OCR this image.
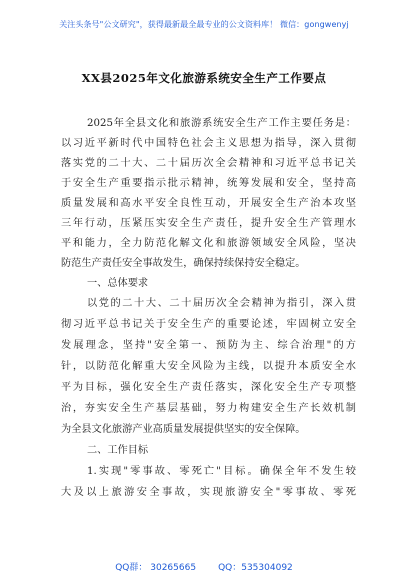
关注头条号"公文研究"，获得最新最全最专业的公文资料库！ 微信：gongwenyj
XX县2025年文化旅游系统安全生产工作要点
2025年全县文化和旅游系统安全生产工作主要任务是：
以习近平新时代中国特色社会主义思想为指导，深入贯彻
落实党的二十大、二十届历次全会精神和习近平总书记关
于安全生产重要指示批示精神，统筹发展和安全，坚持高
质量发展和高水平安全良性互动，开展安全生产治本攻坚
三年行动，压紧压实安全生产责任，提升安全生产管理水
平和能力，全力防范化解文化和旅游领域安全风险，坚决
防范生产责任安全事故发生，确保持续保持安全稳定。
一、总体要求
以党的二十大、二十届历次全会精神为指引，深入贯
彻习近平总书记关于安全生产的重要论述，牢固树立安全
发展理念，坚持"安全第一、预防为主、综合治理"的方
针，以防范化解重大安全风险为主线，以提升本质安全水
平为目标，强化安全生产责任落实，深化安全生产专项整
治，夯实安全生产基层基础，努力构建安全生产长效机制
为全县文化旅游产业高质量发展提供坚实的安全保障。
二、工作目标
1.实现"零事故、零死亡"目标。确保全年不发生较
大及以上旅游安全事故，实现旅游安全"零事故、零死
QQ群： 30265665 QQ：535304092
